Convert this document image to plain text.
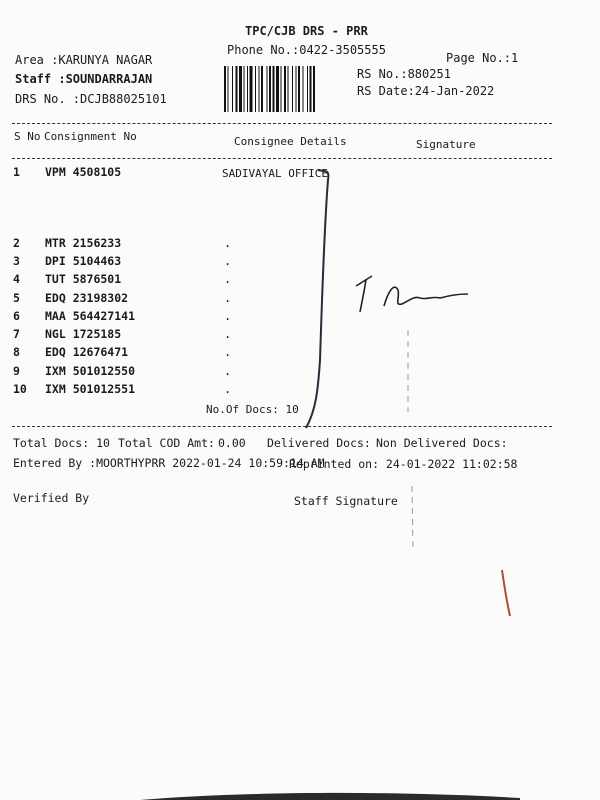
TPC/CJB DRS - PRR
Phone No.:0422-3505555
Page No.:1
Area :KARUNYA NAGAR
Staff :SOUNDARRAJAN
DRS No. :DCJB88025101
RS No.:880251
RS Date:24-Jan-2022
S No Consignment No	Consignee Details	Signature
1 VPM 4508105	SADIVAYAL OFFICE
2 MTR 2156233	.
3 DPI 5104463	.
4 TUT 5876501	.
5 EDQ 23198302	.
6 MAA 564427141	.
7 NGL 1725185	.
8 EDQ 12676471	.
9 IXM 501012550	.
10 IXM 501012551	.
No.Of Docs: 10
Total Docs: 10 Total COD Amt: 0.00 Delivered Docs: Non Delivered Docs:
Entered By :MOORTHYPRR 2022-01-24 10:59:14 AM
Reprinted on: 24-01-2022 11:02:58
Verified By	Staff Signature
